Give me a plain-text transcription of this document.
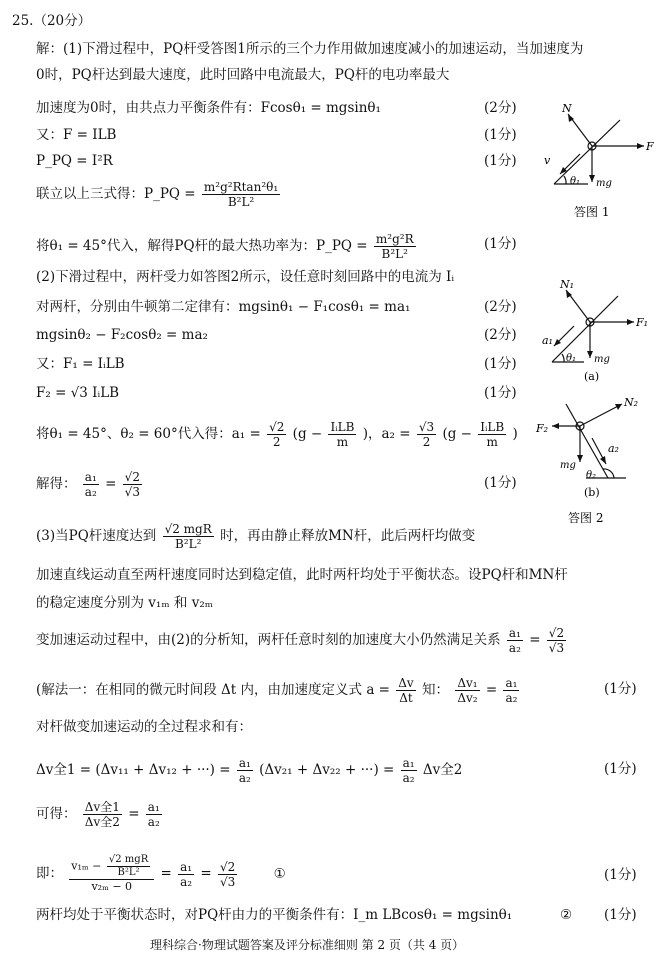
25.（20分）
解：(1)下滑过程中，PQ杆受答图1所示的三个力作用做加速度减小的加速运动，当加速度为
0时，PQ杆达到最大速度，此时回路中电流最大，PQ杆的电功率最大
加速度为0时，由共点力平衡条件有：Fcosθ₁ = mgsinθ₁	(2分)
又：F = ILB	(1分)
P_PQ = I²R	(1分)
联立以上三式得：P_PQ = $\frac{\text{m²g²Rtan²θ₁}}{\text{B²L²}}$
将θ₁ = 45°代入，解得PQ杆的最大热功率为：P_PQ = $\frac{\text{m²g²R}}{\text{B²L²}}$	(1分)
N
F
v
θ₁ mg
答图 1
(2)下滑过程中，两杆受力如答图2所示，设任意时刻回路中的电流为 Iᵢ
对两杆，分别由牛顿第二定律有：mgsinθ₁ − F₁cosθ₁ = ma₁	(2分)
mgsinθ₂ − F₂cosθ₂ = ma₂	(2分)
又：F₁ = IᵢLB	(1分)
F₂ = √3 IᵢLB	(1分)
将θ₁ = 45°、θ₂ = 60°代入得：$a_1 = \frac{√2}{2} (g - \frac{\text{IᵢLB}}{m}$ )，$a_2 = \frac{√3}{2} (g - \frac{\text{IᵢLB}}{m}$ )
解得： $\frac{\text{a₁}}{\text{a₂}} = \frac{√2}{√3}$	(1分)
N₁
F₁
a₁
θ₁ mg
(a)
F₂
N₂
a₂
θ₂
mg
(b)
答图 2
(3)当PQ杆速度达到 $\frac{\text{√2 mgR}}{\text{B²L²}}$ 时，再由静止释放MN杆，此后两杆均做变
加速直线运动直至两杆速度同时达到稳定值，此时两杆均处于平衡状态。设PQ杆和MN杆
的稳定速度分别为 v₁ₘ 和 v₂ₘ
变加速运动过程中，由(2)的分析知，两杆任意时刻的加速度大小仍然满足关系 $\frac{\text{a₁}}{\text{a₂}} = \frac{√2}{√3}$
(解法一：在相同的微元时间段 Δt 内，由加速度定义式 $a = \frac{\Delta v}{\Delta t}$ 知： $\frac{\text{Δv₁}}{\text{Δv₂}} = \frac{\text{a₁}}{\text{a₂}}$	(1分)
对杆做变加速运动的全过程求和有：
Δv全1 = (Δv₁₁ + Δv₁₂ + ···) = $\frac{\text{a₁}}{\text{a₂}} (\Delta v_{21} + \Delta v_{22}$ + ···) = $\frac{\text{a₁}}{\text{a₂}}$ Δv全2	(1分)
可得： $\frac{\text{Δv全1}}{\text{Δv全2}} = \frac{\text{a₁}}{\text{a₂}}$
即： $\frac{v_{1m} - \frac{\text{√2 mgR}}{\text{B²L²}}}{\text{v₂ₘ − 0}} = \frac{\text{a₁}}{\text{a₂}} = \frac{√2}{√3}$	①	(1分)
两杆均处于平衡状态时，对PQ杆由力的平衡条件有：I_m LBcosθ₁ = mgsinθ₁	② (1分)
理科综合·物理试题答案及评分标准细则 第 2 页（共 4 页）
